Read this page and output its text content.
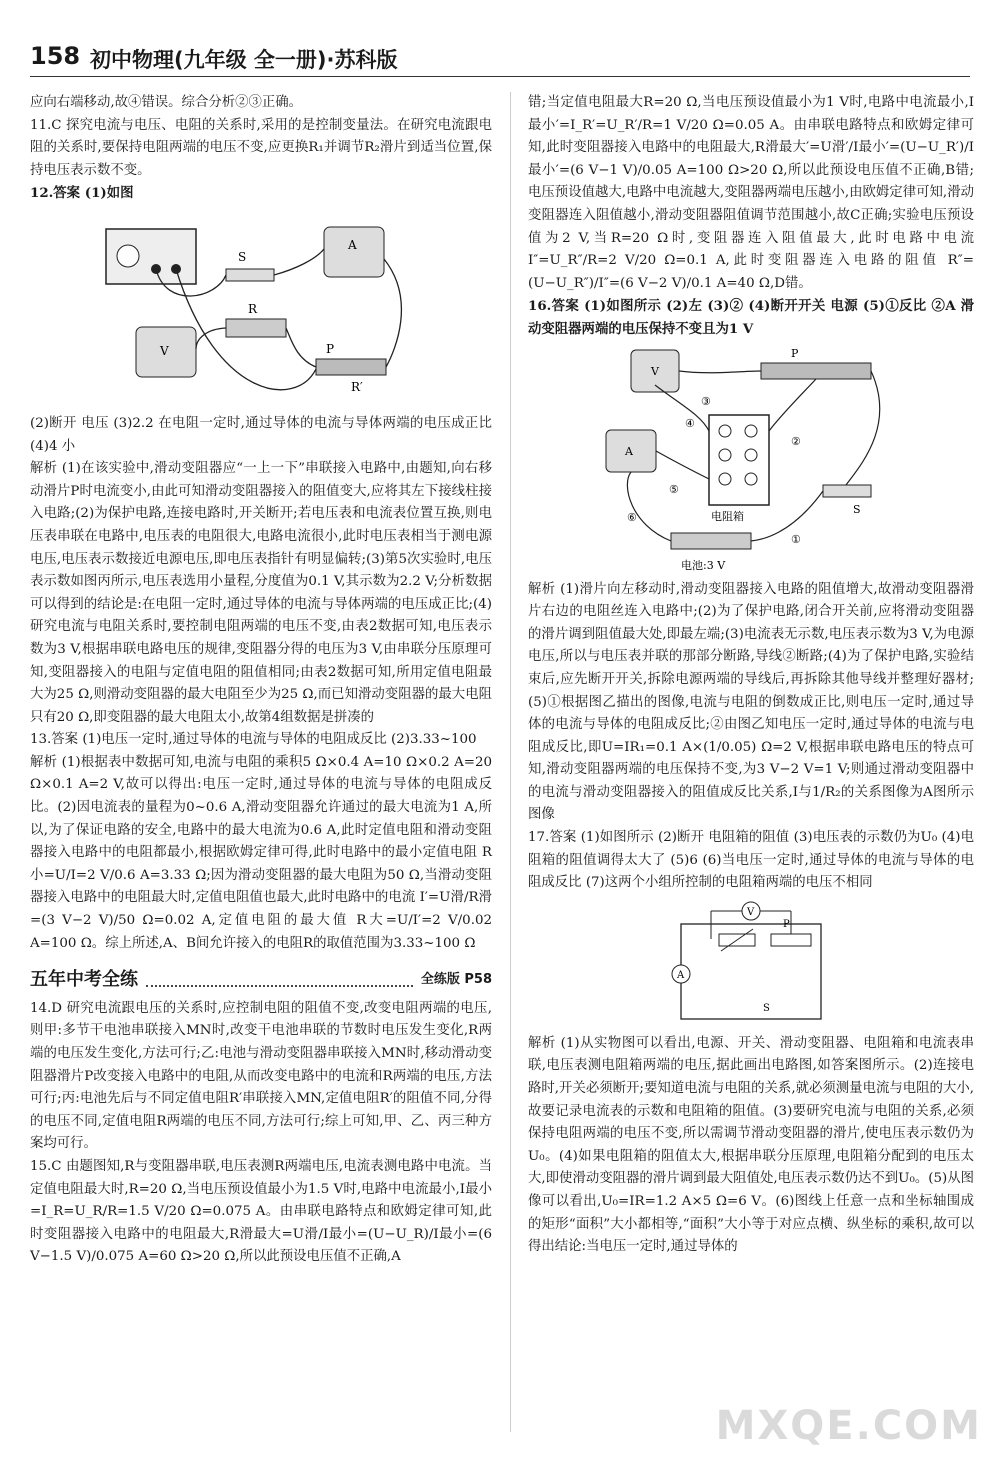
158 初中物理(九年级 全一册)·苏科版

应向右端移动,故④错误。综合分析②③正确。

11.C 探究电流与电压、电阻的关系时,采用的是控制变量法。在研究电流跟电阻的关系时,要保持电阻两端的电压不变,应更换R₁并调节R₂滑片到适当位置,保持电压表示数不变。

12.答案 (1)如图

S
A
R
V	P
R′

(2)断开 电压 (3)2.2 在电阻一定时,通过导体的电流与导体两端的电压成正比 (4)4 小

解析 (1)在该实验中,滑动变阻器应“一上一下”串联接入电路中,由题知,向右移动滑片P时电流变小,由此可知滑动变阻器接入的阻值变大,应将其左下接线柱接入电路;(2)为保护电路,连接电路时,开关断开;若电压表和电流表位置互换,则电压表串联在电路中,电压表的电阻很大,电路电流很小,此时电压表相当于测电源电压,电压表示数接近电源电压,即电压表指针有明显偏转;(3)第5次实验时,电压表示数如图丙所示,电压表选用小量程,分度值为0.1 V,其示数为2.2 V;分析数据可以得到的结论是:在电阻一定时,通过导体的电流与导体两端的电压成正比;(4)研究电流与电阻关系时,要控制电阻两端的电压不变,由表2数据可知,电压表示数为3 V,根据串联电路电压的规律,变阻器分得的电压为3 V,由串联分压原理可知,变阻器接入的电阻与定值电阻的阻值相同;由表2数据可知,所用定值电阻最大为25 Ω,则滑动变阻器的最大电阻至少为25 Ω,而已知滑动变阻器的最大电阻只有20 Ω,即变阻器的最大电阻太小,故第4组数据是拼凑的

13.答案 (1)电压一定时,通过导体的电流与导体的电阻成反比 (2)3.33~100

解析 (1)根据表中数据可知,电流与电阻的乘积5 Ω×0.4 A=10 Ω×0.2 A=20 Ω×0.1 A=2 V,故可以得出:电压一定时,通过导体的电流与导体的电阻成反比。(2)因电流表的量程为0~0.6 A,滑动变阻器允许通过的最大电流为1 A,所以,为了保证电路的安全,电路中的最大电流为0.6 A,此时定值电阻和滑动变阻器接入电路中的电阻都最小,根据欧姆定律可得,此时电路中的最小定值电阻 R小=U/I=2 V/0.6 A=3.33 Ω;因为滑动变阻器的最大电阻为50 Ω,当滑动变阻器接入电路中的电阻最大时,定值电阻值也最大,此时电路中的电流 I′=U滑/R滑=(3 V−2 V)/50 Ω=0.02 A,定值电阻的最大值 R大=U/I′=2 V/0.02 A=100 Ω。综上所述,A、B间允许接入的电阻R的取值范围为3.33~100 Ω

五年中考全练	全练版 P58

14.D 研究电流跟电压的关系时,应控制电阻的阻值不变,改变电阻两端的电压,则甲:多节干电池串联接入MN时,改变干电池串联的节数时电压发生变化,R两端的电压发生变化,方法可行;乙:电池与滑动变阻器串联接入MN时,移动滑动变阻器滑片P改变接入电路中的电阻,从而改变电路中的电流和R两端的电压,方法可行;丙:电池先后与不同定值电阻R′串联接入MN,定值电阻R′的阻值不同,分得的电压不同,定值电阻R两端的电压不同,方法可行;综上可知,甲、乙、丙三种方案均可行。

15.C 由题图知,R与变阻器串联,电压表测R两端电压,电流表测电路中电流。当定值电阻最大时,R=20 Ω,当电压预设值最小为1.5 V时,电路中电流最小,I最小=I_R=U_R/R=1.5 V/20 Ω=0.075 A。由串联电路特点和欧姆定律可知,此时变阻器接入电路中的电阻最大,R滑最大=U滑/I最小=(U−U_R)/I最小=(6 V−1.5 V)/0.075 A=60 Ω>20 Ω,所以此预设电压值不正确,A

错;当定值电阻最大R=20 Ω,当电压预设值最小为1 V时,电路中电流最小,I最小′=I_R′=U_R′/R=1 V/20 Ω=0.05 A。由串联电路特点和欧姆定律可知,此时变阻器接入电路中的电阻最大,R滑最大′=U滑′/I最小′=(U−U_R′)/I最小′=(6 V−1 V)/0.05 A=100 Ω>20 Ω,所以此预设电压值不正确,B错;电压预设值越大,电路中电流越大,变阻器两端电压越小,由欧姆定律可知,滑动变阻器连入阻值越小,滑动变阻器阻值调节范围越小,故C正确;实验电压预设值为2 V,当R=20 Ω时,变阻器连入阻值最大,此时电路中电流 I″=U_R″/R=2 V/20 Ω=0.1 A,此时变阻器连入电路的阻值 R″=(U−U_R″)/I″=(6 V−2 V)/0.1 A=40 Ω,D错。

16.答案 (1)如图所示 (2)左 (3)② (4)断开开关 电源 (5)①反比 ②A 滑动变阻器两端的电压保持不变且为1 V

V
P
A
电阻箱
S
电池:3 V
①
②
③
④
⑤
⑥

解析 (1)滑片向左移动时,滑动变阻器接入电路的阻值增大,故滑动变阻器滑片右边的电阻丝连入电路中;(2)为了保护电路,闭合开关前,应将滑动变阻器的滑片调到阻值最大处,即最左端;(3)电流表无示数,电压表示数为3 V,为电源电压,所以与电压表并联的那部分断路,导线②断路;(4)为了保护电路,实验结束后,应先断开开关,拆除电源两端的导线后,再拆除其他导线并整理好器材;(5)①根据图乙描出的图像,电流与电阻的倒数成正比,则电压一定时,通过导体的电流与导体的电阻成反比;②由图乙知电压一定时,通过导体的电流与电阻成反比,即U=IR₁=0.1 A×(1/0.05) Ω=2 V,根据串联电路电压的特点可知,滑动变阻器两端的电压保持不变,为3 V−2 V=1 V;则通过滑动变阻器中的电流与滑动变阻器接入的阻值成反比关系,I与1/R₂的关系图像为A图所示图像

17.答案 (1)如图所示 (2)断开 电阻箱的阻值 (3)电压表的示数仍为U₀ (4)电阻箱的阻值调得太大了 (5)6 (6)当电压一定时,通过导体的电流与导体的电阻成反比 (7)这两个小组所控制的电阻箱两端的电压不相同

V
P
A
S

解析 (1)从实物图可以看出,电源、开关、滑动变阻器、电阻箱和电流表串联,电压表测电阻箱两端的电压,据此画出电路图,如答案图所示。(2)连接电路时,开关必须断开;要知道电流与电阻的关系,就必须测量电流与电阻的大小,故要记录电流表的示数和电阻箱的阻值。(3)要研究电流与电阻的关系,必须保持电阻两端的电压不变,所以需调节滑动变阻器的滑片,使电压表示数仍为U₀。(4)如果电阻箱的阻值太大,根据串联分压原理,电阻箱分配到的电压太大,即使滑动变阻器的滑片调到最大阻值处,电压表示数仍达不到U₀。(5)从图像可以看出,U₀=IR=1.2 A×5 Ω=6 V。(6)图线上任意一点和坐标轴围成的矩形“面积”大小都相等,“面积”大小等于对应点横、纵坐标的乘积,故可以得出结论:当电压一定时,通过导体的

MXQE.COM
